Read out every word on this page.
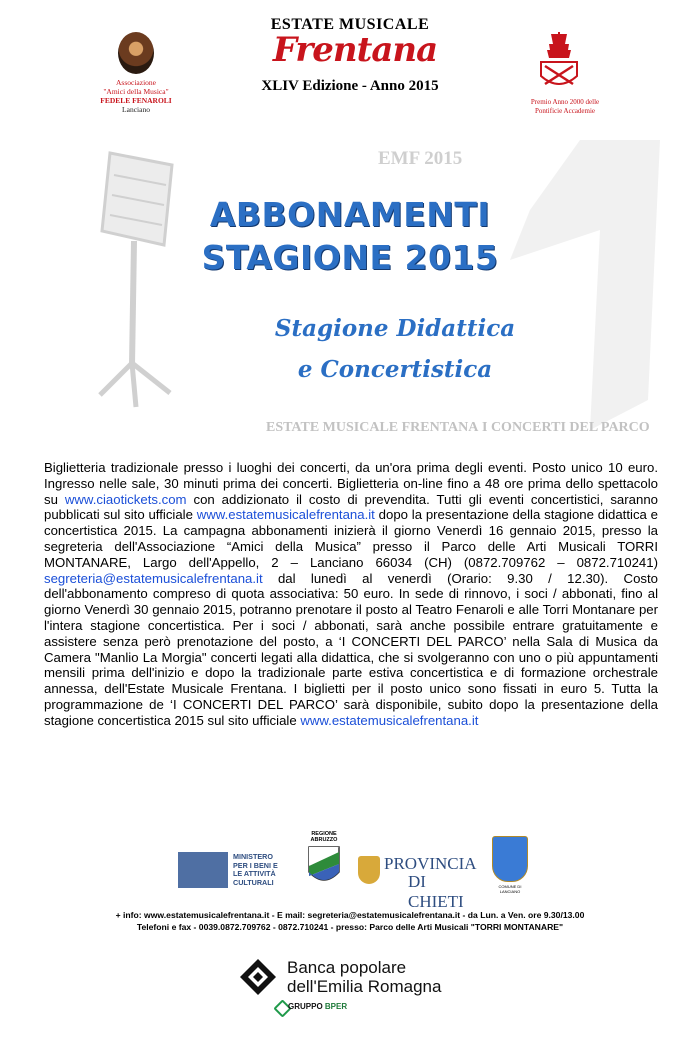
ESTATE MUSICALE
Frentana
XLIV Edizione - Anno 2015
Associazione
"Amici della Musica"
FEDELE FENAROLI
Lanciano
Premio Anno 2000 delle
Pontificie Accademie
EMF 2015
ABBONAMENTI
STAGIONE 2015
Stagione Didattica
e Concertistica
ESTATE MUSICALE FRENTANA I CONCERTI DEL PARCO
Biglietteria tradizionale presso i luoghi dei concerti, da un'ora prima degli eventi. Posto unico 10 euro. Ingresso nelle sale, 30 minuti prima dei concerti. Biglietteria on-line fino a 48 ore prima dello spettacolo su www.ciaotickets.com con addizionato il costo di prevendita. Tutti gli eventi concertistici, saranno pubblicati sul sito ufficiale www.estatemusicalefrentana.it dopo la presentazione della stagione didattica e concertistica 2015. La campagna abbonamenti inizierà il giorno Venerdì 16 gennaio 2015, presso la segreteria dell'Associazione “Amici della Musica” presso il Parco delle Arti Musicali TORRI MONTANARE, Largo dell'Appello, 2 – Lanciano 66034 (CH) (0872.709762 – 0872.710241) segreteria@estatemusicalefrentana.it dal lunedì al venerdì (Orario: 9.30 / 12.30). Costo dell'abbonamento compreso di quota associativa: 50 euro. In sede di rinnovo, i soci / abbonati, fino al giorno Venerdì 30 gennaio 2015, potranno prenotare il posto al Teatro Fenaroli e alle Torri Montanare per l'intera stagione concertistica. Per i soci / abbonati, sarà anche possibile entrare gratuitamente e assistere senza però prenotazione del posto, a ‘I CONCERTI DEL PARCO’ nella Sala di Musica da Camera "Manlio La Morgia" concerti legati alla didattica, che si svolgeranno con uno o più appuntamenti mensili prima dell'inizio e dopo la tradizionale parte estiva concertistica e di formazione orchestrale annessa, dell'Estate Musicale Frentana. I biglietti per il posto unico sono fissati in euro 5. Tutta la programmazione de ‘I CONCERTI DEL PARCO’ sarà disponibile, subito dopo la presentazione della stagione concertistica 2015 sul sito ufficiale www.estatemusicalefrentana.it
MINISTERO
PER I BENI E
LE ATTIVITÀ
CULTURALI
REGIONE
ABRUZZO
PROVINCIA
DI CHIETI
COMUNE DI LANCIANO
+ info: www.estatemusicalefrentana.it - E mail: segreteria@estatemusicalefrentana.it - da Lun. a Ven. ore 9.30/13.00
Telefoni e fax - 0039.0872.709762 - 0872.710241 - presso: Parco delle Arti Musicali "TORRI MONTANARE"
Banca popolare
dell'Emilia Romagna
GRUPPO BPER
